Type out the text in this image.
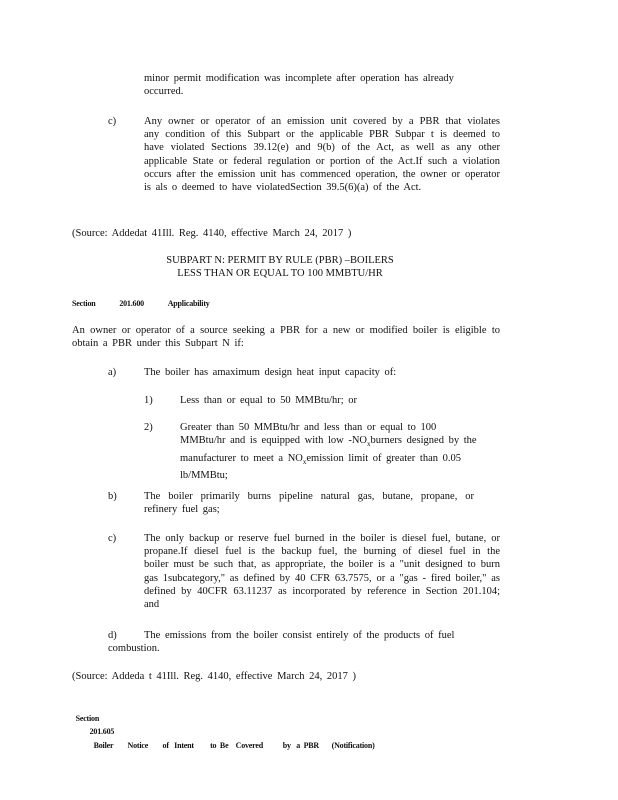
minor permit modification was incomplete after operation has already occurred.
c)	Any owner or operator of an emission unit covered by a PBR that violates any condition of this Subpart or the applicable PBR Subpar t is deemed to have violated Sections 39.12(e) and 9(b) of the Act, as well as any other applicable State or federal regulation or portion of the Act.If such a violation occurs after the emission unit has commenced operation, the owner or operator is als o deemed to have violatedSection 39.5(6)(a) of the Act.
(Source: Addedat 41Ill. Reg. 4140, effective March 24, 2017 )
SUBPART N: PERMIT BY RULE (PBR) –BOILERS
LESS THAN OR EQUAL TO 100 MMBTU/HR
Section	201.600	Applicability
An owner or operator of a source seeking a PBR for a new or modified boiler is eligible to obtain a PBR under this Subpart N if:
a)	The boiler has amaximum design heat input capacity of:
1)	Less than or equal to 50 MMBtu/hr; or
2)	Greater than 50 MMBtu/hr and less than or equal to 100
MMBtu/hr and is equipped with low $-NO_xburners$ designed by the
manufacturer to meet a $NO_xemission$ limit of greater than 0.05
lb/MMBtu;
b)	The boiler primarily burns pipeline natural gas, butane, propane, or refinery fuel gas;
c)	The only backup or reserve fuel burned in the boiler is diesel fuel, butane, or propane.If diesel fuel is the backup fuel, the burning of diesel fuel in the boiler must be such that, as appropriate, the boiler is a "unit designed to burn gas 1subcategory," as defined by 40 CFR 63.7575, or a "gas - fired boiler," as defined by 40CFR 63.11237 as incorporated by reference in Section 201.104; and
d)	The emissions from the boiler consist entirely of the products of fuel
combustion.
(Source: Addeda t 41Ill. Reg. 4140, effective March 24, 2017 )

Section
201.605
Boiler        Notice        of   Intent         to  Be    Covered           by   a  PBR       (Notification)
